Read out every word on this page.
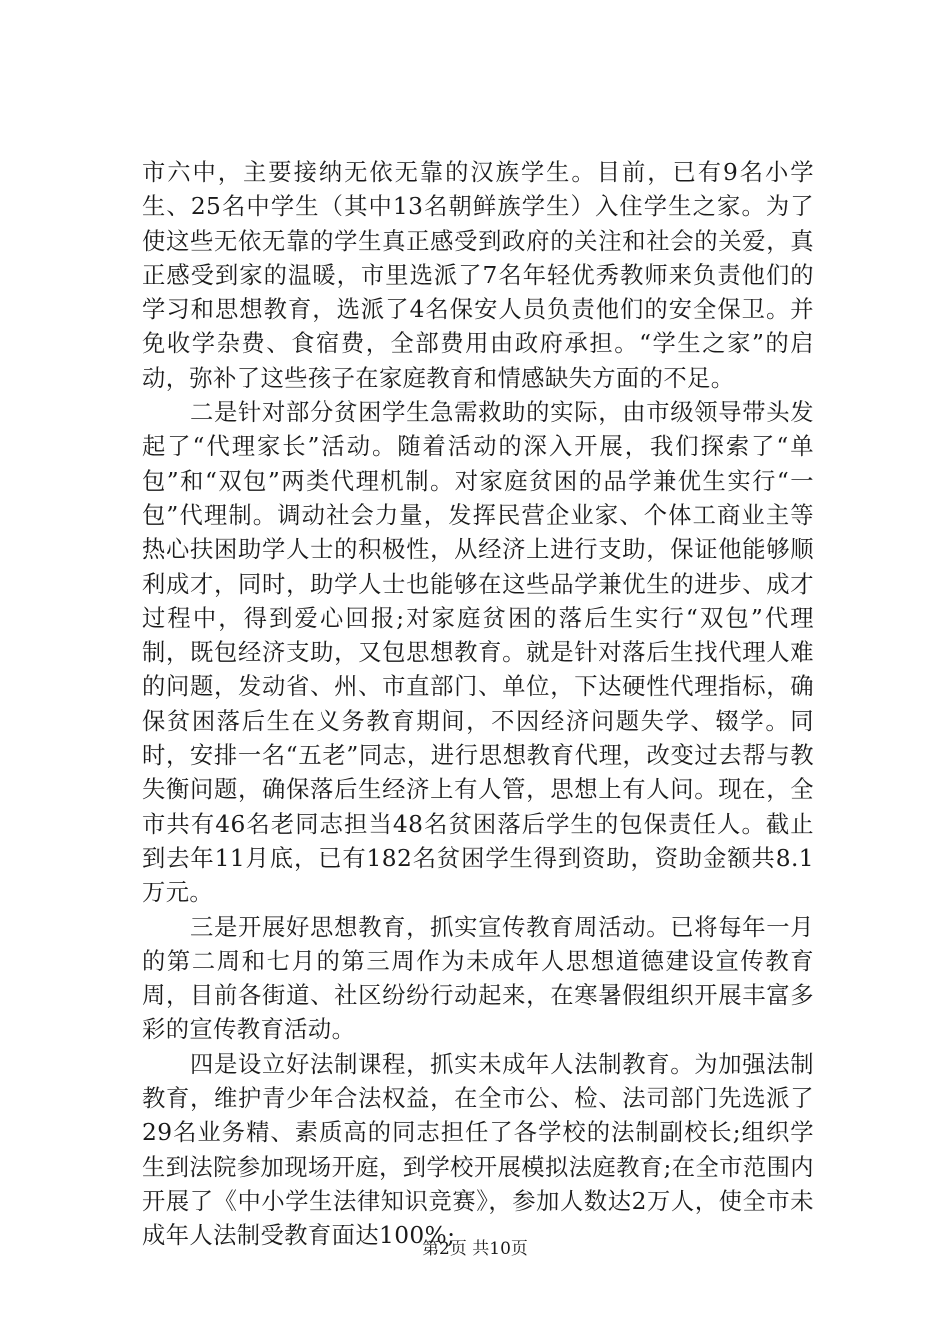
市六中，主要接纳无依无靠的汉族学生。目前，已有9名小学生、25名中学生（其中13名朝鲜族学生）入住学生之家。为了使这些无依无靠的学生真正感受到政府的关注和社会的关爱，真正感受到家的温暖，市里选派了7名年轻优秀教师来负责他们的学习和思想教育，选派了4名保安人员负责他们的安全保卫。并免收学杂费、食宿费，全部费用由政府承担。“学生之家”的启动，弥补了这些孩子在家庭教育和情感缺失方面的不足。

二是针对部分贫困学生急需救助的实际，由市级领导带头发起了“代理家长”活动。随着活动的深入开展，我们探索了“单包”和“双包”两类代理机制。对家庭贫困的品学兼优生实行“一包”代理制。调动社会力量，发挥民营企业家、个体工商业主等热心扶困助学人士的积极性，从经济上进行支助，保证他能够顺利成才，同时，助学人士也能够在这些品学兼优生的进步、成才过程中，得到爱心回报;对家庭贫困的落后生实行“双包”代理制，既包经济支助，又包思想教育。就是针对落后生找代理人难的问题，发动省、州、市直部门、单位，下达硬性代理指标，确保贫困落后生在义务教育期间，不因经济问题失学、辍学。同时，安排一名“五老”同志，进行思想教育代理，改变过去帮与教失衡问题，确保落后生经济上有人管，思想上有人问。现在，全市共有46名老同志担当48名贫困落后学生的包保责任人。截止到去年11月底，已有182名贫困学生得到资助，资助金额共8.1万元。

三是开展好思想教育，抓实宣传教育周活动。已将每年一月的第二周和七月的第三周作为未成年人思想道德建设宣传教育周，目前各街道、社区纷纷行动起来，在寒暑假组织开展丰富多彩的宣传教育活动。

四是设立好法制课程，抓实未成年人法制教育。为加强法制教育，维护青少年合法权益，在全市公、检、法司部门先选派了29名业务精、素质高的同志担任了各学校的法制副校长;组织学生到法院参加现场开庭，到学校开展模拟法庭教育;在全市范围内开展了《中小学生法律知识竞赛》，参加人数达2万人，使全市未成年人法制受教育面达100%;

第2页 共10页
